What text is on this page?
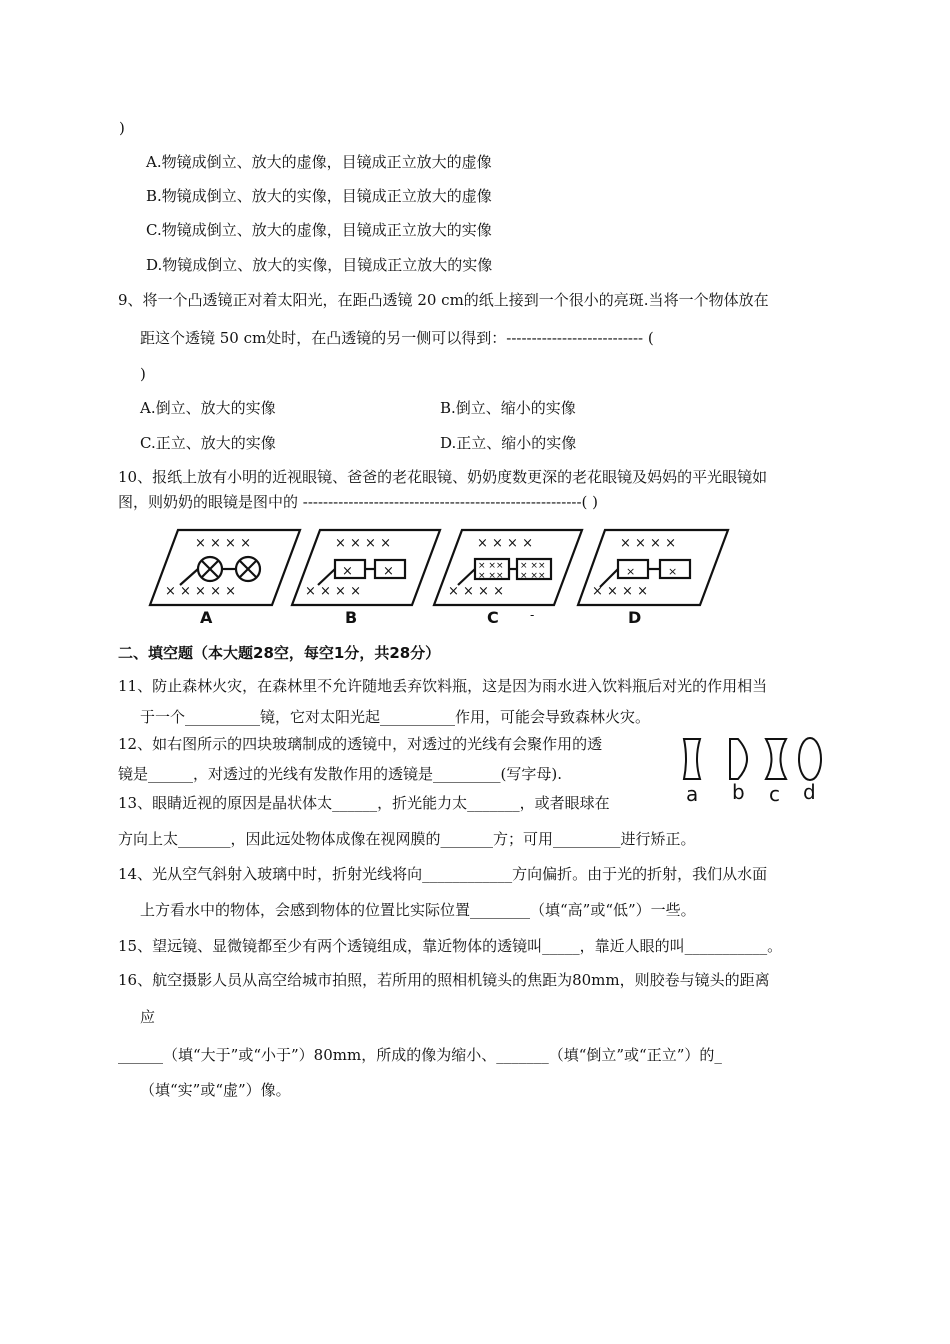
)
A.物镜成倒立、放大的虚像，目镜成正立放大的虚像
B.物镜成倒立、放大的实像，目镜成正立放大的虚像
C.物镜成倒立、放大的虚像，目镜成正立放大的实像
D.物镜成倒立、放大的实像，目镜成正立放大的实像
9、将一个凸透镜正对着太阳光，在距凸透镜 20 cm的纸上接到一个很小的亮斑.当将一个物体放在
距这个透镜 50 cm处时，在凸透镜的另一侧可以得到：--------------------------- (
)
A.倒立、放大的实像	B.倒立、缩小的实像
C.正立、放大的实像	D.正立、缩小的实像
10、报纸上放有小明的近视眼镜、爸爸的老花眼镜、奶奶度数更深的老花眼镜及妈妈的平光眼镜如
图，则奶奶的眼镜是图中的 -------------------------------------------------------( )
× × × ×
× × × × ×
× × × ×
× × × ×
× ×
× × × ×
× × × ×
× ××
× ××
× ××
× ××
× × × ×
× × × ×
×	×
A	B	C	-	D
二、填空题（本大题28空，每空1分，共28分）
11、防止森林火灾，在森林里不允许随地丢弃饮料瓶，这是因为雨水进入饮料瓶后对光的作用相当
于一个__________镜，它对太阳光起__________作用，可能会导致森林火灾。
12、如右图所示的四块玻璃制成的透镜中，对透过的光线有会聚作用的透
镜是______，对透过的光线有发散作用的透镜是_________(写字母).
a b c d
13、眼睛近视的原因是晶状体太______，折光能力太_______，或者眼球在
方向上太_______，因此远处物体成像在视网膜的_______方；可用_________进行矫正。
14、光从空气斜射入玻璃中时，折射光线将向____________方向偏折。由于光的折射，我们从水面
上方看水中的物体，会感到物体的位置比实际位置________（填“高”或“低”）一些。
15、望远镜、显微镜都至少有两个透镜组成，靠近物体的透镜叫_____，靠近人眼的叫___________。
16、航空摄影人员从高空给城市拍照，若所用的照相机镜头的焦距为80mm，则胶卷与镜头的距离
应
______（填“大于”或“小于”）80mm，所成的像为缩小、_______（填“倒立”或“正立”）的_
（填“实”或“虚”）像。
